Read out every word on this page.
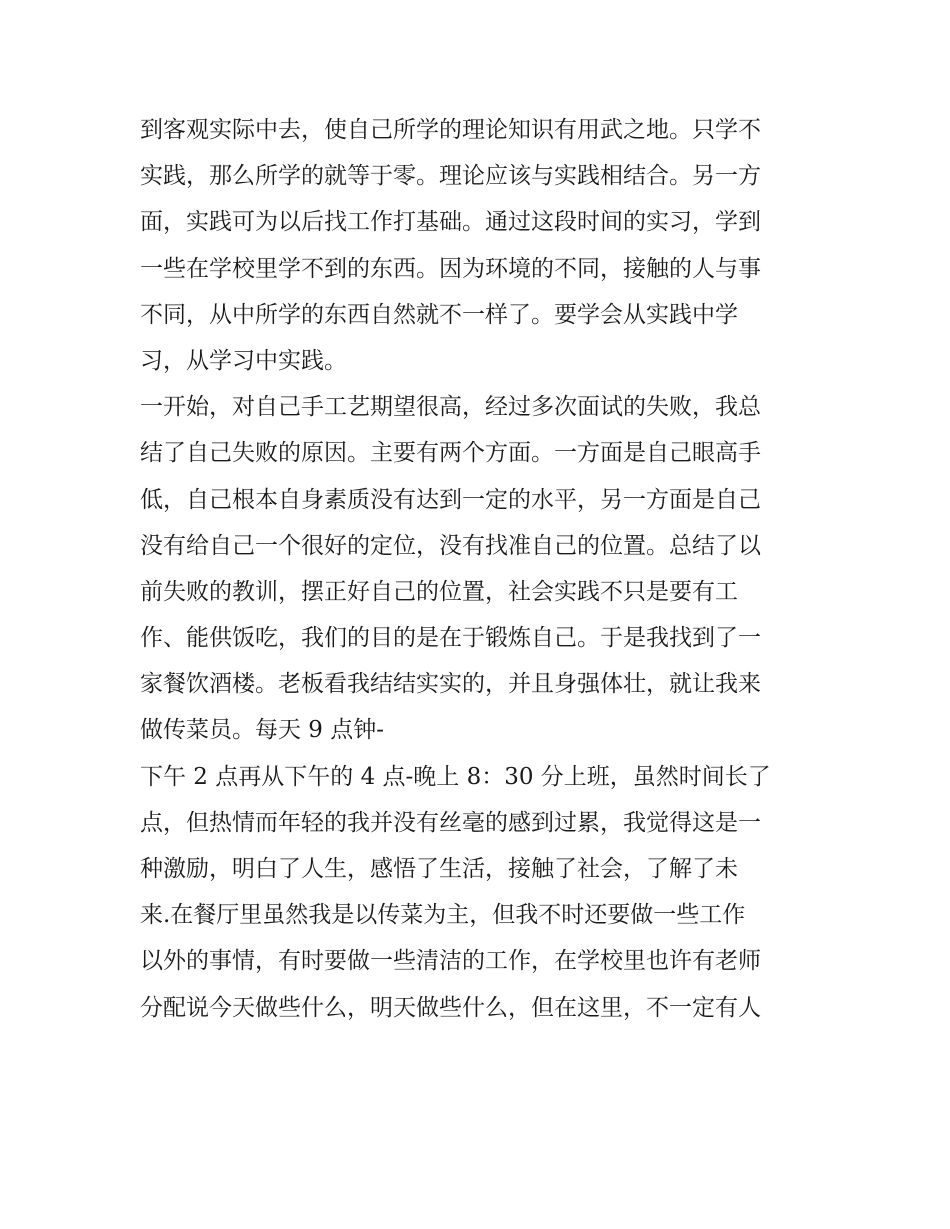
到客观实际中去，使自己所学的理论知识有用武之地。只学不
实践，那么所学的就等于零。理论应该与实践相结合。另一方
面，实践可为以后找工作打基础。通过这段时间的实习，学到
一些在学校里学不到的东西。因为环境的不同，接触的人与事
不同，从中所学的东西自然就不一样了。要学会从实践中学
习，从学习中实践。
一开始，对自己手工艺期望很高，经过多次面试的失败，我总
结了自己失败的原因。主要有两个方面。一方面是自己眼高手
低，自己根本自身素质没有达到一定的水平，另一方面是自己
没有给自己一个很好的定位，没有找准自己的位置。总结了以
前失败的教训，摆正好自己的位置，社会实践不只是要有工
作、能供饭吃，我们的目的是在于锻炼自己。于是我找到了一
家餐饮酒楼。老板看我结结实实的，并且身强体壮，就让我来
做传菜员。每天 9 点钟-
下午 2 点再从下午的 4 点-晚上 8：30 分上班，虽然时间长了
点，但热情而年轻的我并没有丝毫的感到过累，我觉得这是一
种激励，明白了人生，感悟了生活，接触了社会，了解了未
来.在餐厅里虽然我是以传菜为主，但我不时还要做一些工作
以外的事情，有时要做一些清洁的工作，在学校里也许有老师
分配说今天做些什么，明天做些什么，但在这里，不一定有人
